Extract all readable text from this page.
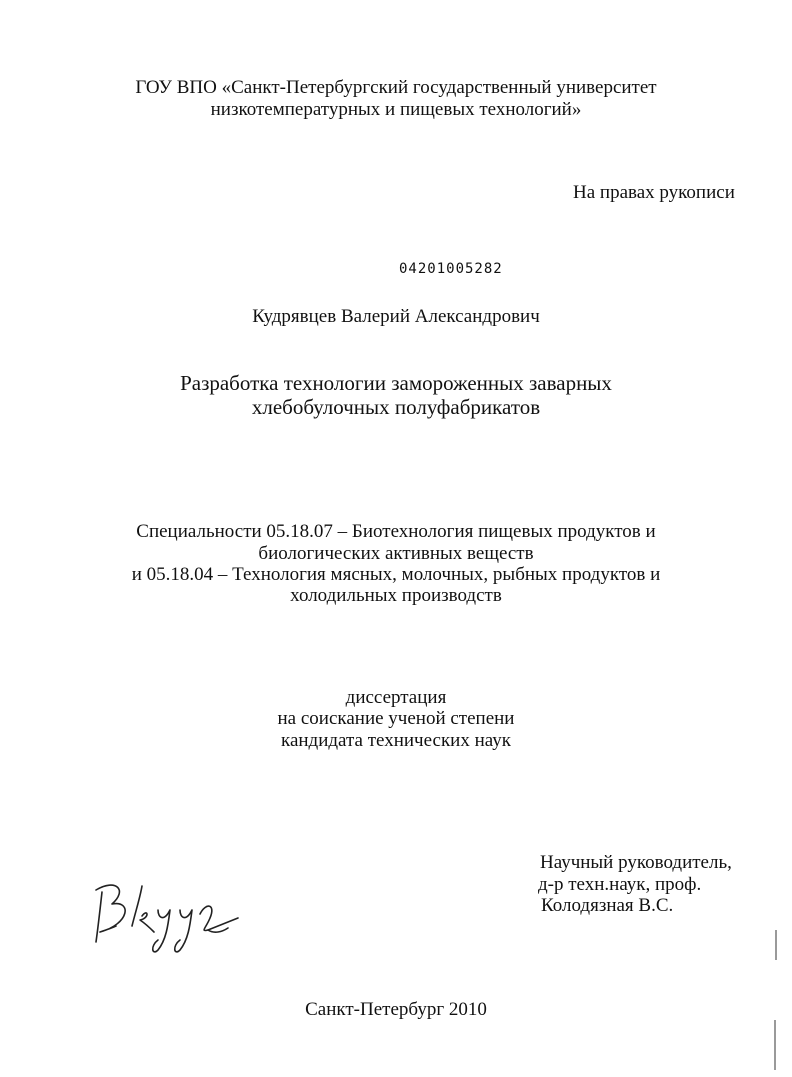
ГОУ ВПО «Санкт-Петербургский государственный университет
низкотемпературных и пищевых технологий»
На правах рукописи
04201005282
Кудрявцев Валерий Александрович
Разработка технологии замороженных заварных
хлебобулочных полуфабрикатов
Специальности 05.18.07 – Биотехнология пищевых продуктов и
биологических активных веществ
и 05.18.04 – Технология мясных, молочных, рыбных продуктов и
холодильных производств
диссертация
на соискание ученой степени
кандидата технических наук
Научный руководитель,
д-р техн.наук, проф.
Колодязная В.С.
Санкт-Петербург 2010
